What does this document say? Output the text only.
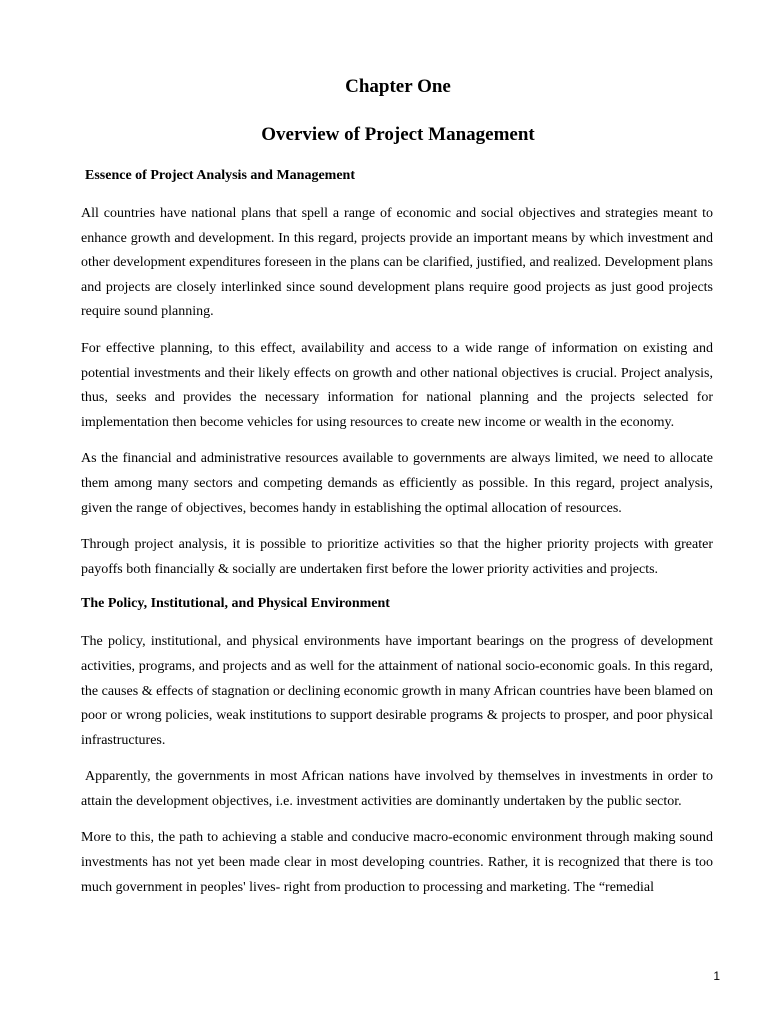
Chapter One
Overview of Project Management
Essence of Project Analysis and Management

All countries have national plans that spell a range of economic and social objectives and strategies meant to enhance growth and development. In this regard, projects provide an important means by which investment and other development expenditures foreseen in the plans can be clarified, justified, and realized. Development plans and projects are closely interlinked since sound development plans require good projects as just good projects require sound planning.

For effective planning, to this effect, availability and access to a wide range of information on existing and potential investments and their likely effects on growth and other national objectives is crucial. Project analysis, thus, seeks and provides the necessary information for national planning and the projects selected for implementation then become vehicles for using resources to create new income or wealth in the economy.

As the financial and administrative resources available to governments are always limited, we need to allocate them among many sectors and competing demands as efficiently as possible. In this regard, project analysis, given the range of objectives, becomes handy in establishing the optimal allocation of resources.

Through project analysis, it is possible to prioritize activities so that the higher priority projects with greater payoffs both financially & socially are undertaken first before the lower priority activities and projects.

The Policy, Institutional, and Physical Environment

The policy, institutional, and physical environments have important bearings on the progress of development activities, programs, and projects and as well for the attainment of national socio-economic goals. In this regard, the causes & effects of stagnation or declining economic growth in many African countries have been blamed on poor or wrong policies, weak institutions to support desirable programs & projects to prosper, and poor physical infrastructures.

Apparently, the governments in most African nations have involved by themselves in investments in order to attain the development objectives, i.e. investment activities are dominantly undertaken by the public sector.

More to this, the path to achieving a stable and conducive macro-economic environment through making sound investments has not yet been made clear in most developing countries. Rather, it is recognized that there is too much government in peoples' lives- right from production to processing and marketing. The “remedial

1
